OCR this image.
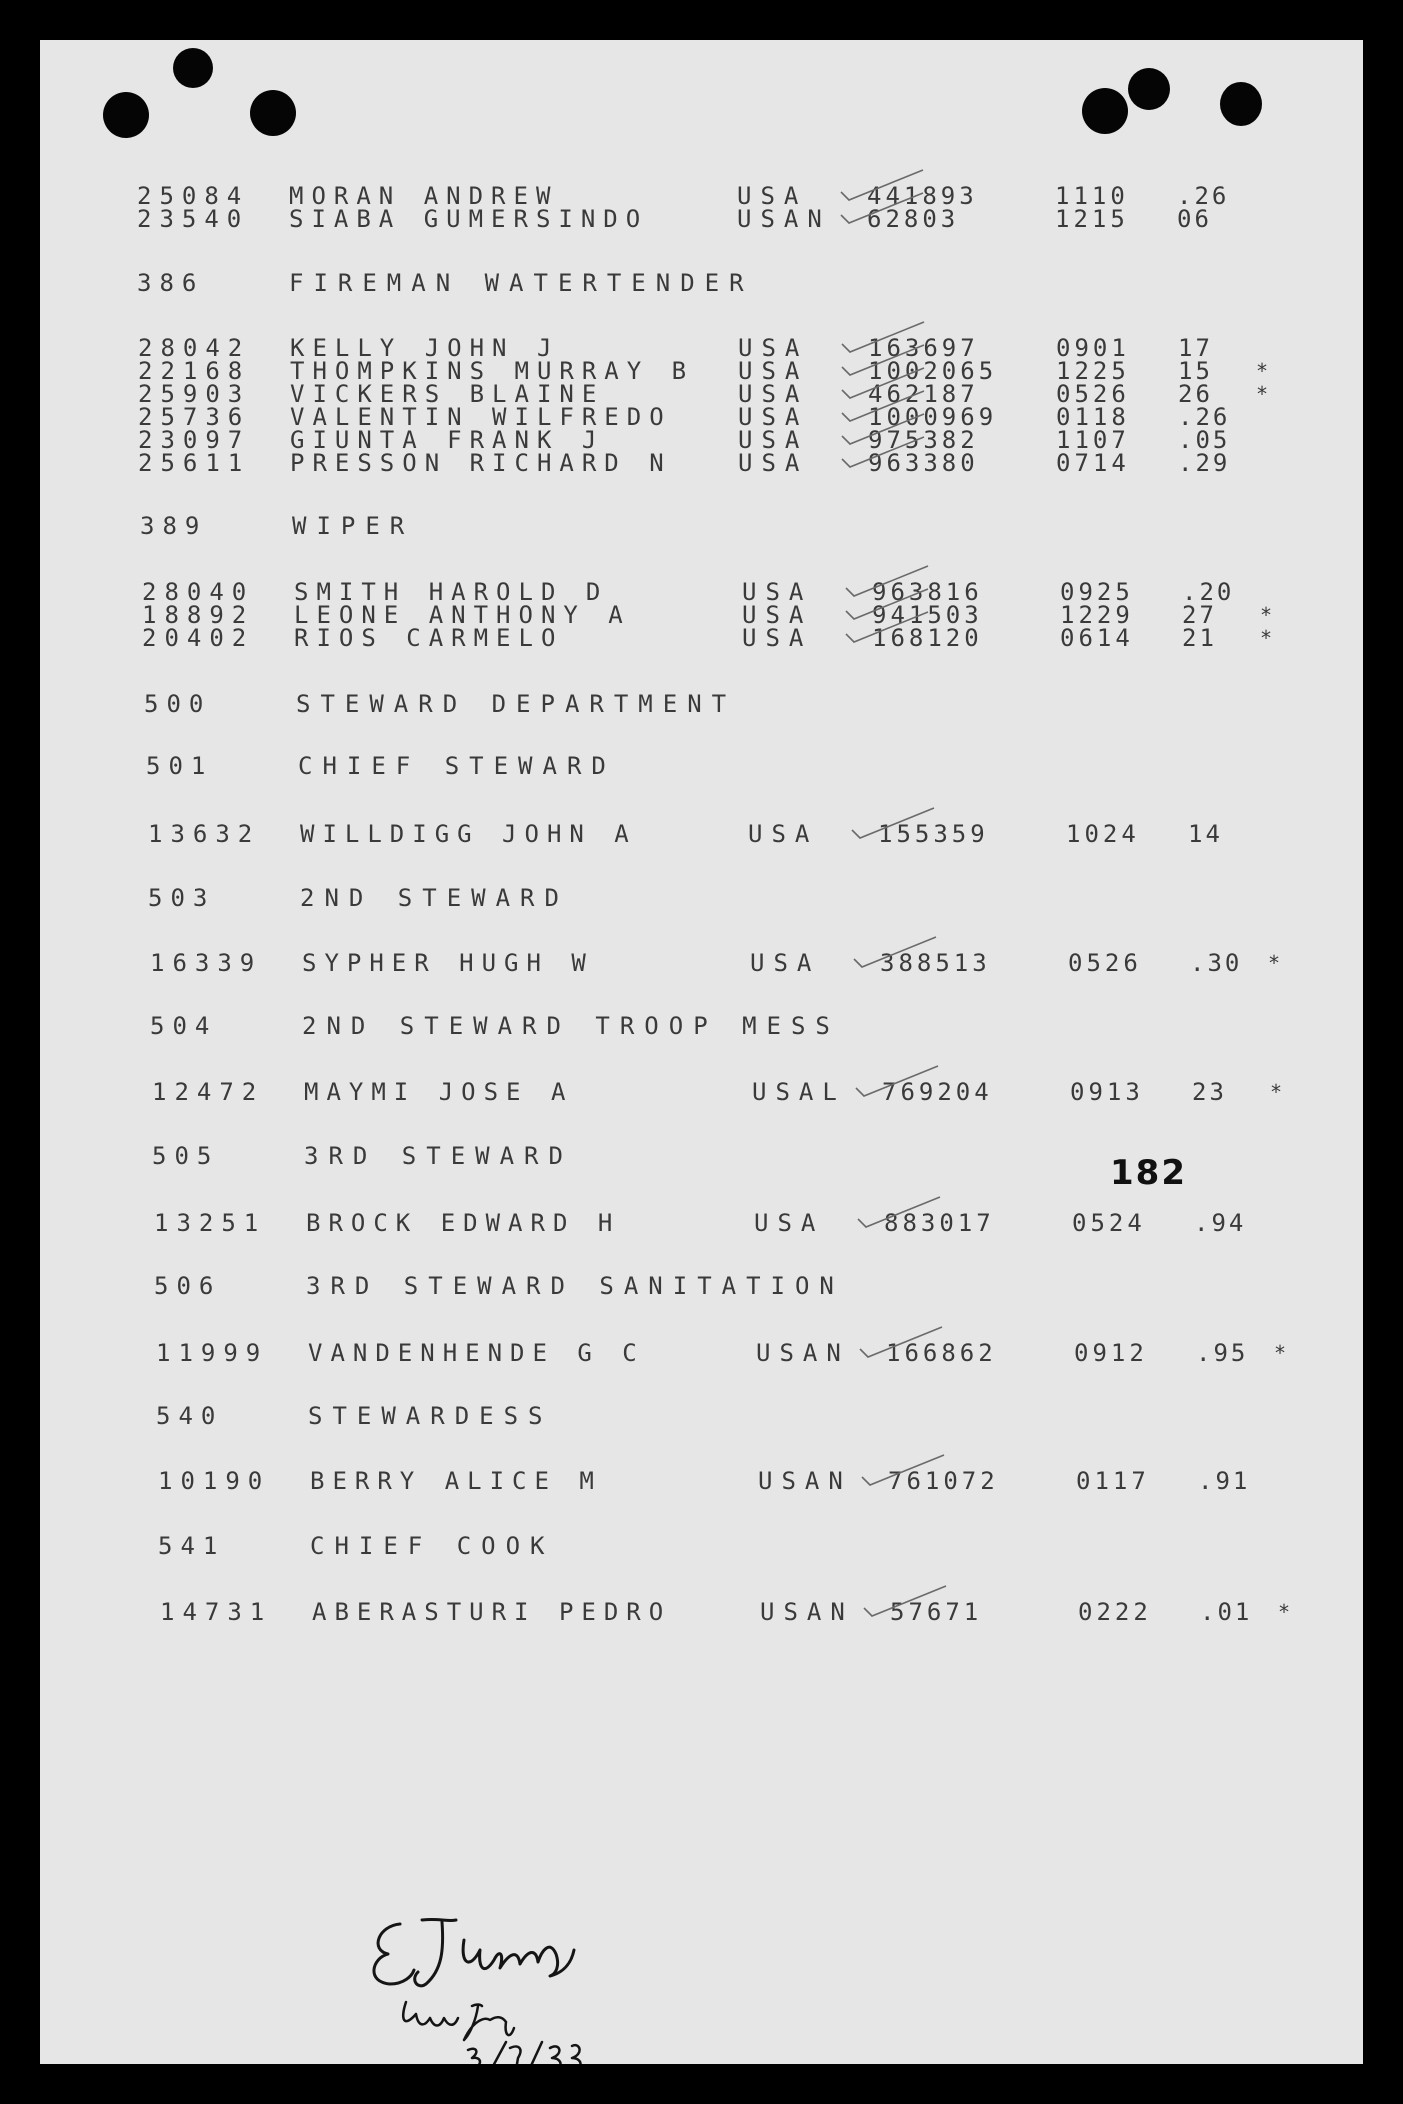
25084 MORAN ANDREW	USA 441893	1110 .26
23540 SIABA GUMERSINDO	USAN 62803	1215 06
386	FIREMAN WATERTENDER
28042 KELLY JOHN J	USA 163697	0901 17
22168 THOMPKINS MURRAY B USA 1002065 1225 15 *
25903 VICKERS BLAINE	USA 462187	0526 26 *
25736 VALENTIN WILFREDO	USA 1000969 0118 .26
23097 GIUNTA FRANK J	USA 975382	1107 .05
25611 PRESSON RICHARD N	USA 963380	0714 .29
389	WIPER
28040 SMITH HAROLD D	USA 963816	0925 .20
18892 LEONE ANTHONY A	USA 941503	1229 27 *
20402 RIOS CARMELO	USA 168120	0614 21 *
500	STEWARD DEPARTMENT
501	CHIEF STEWARD
13632 WILLDIGG JOHN A	USA 155359	1024 14
503	2ND STEWARD
16339 SYPHER HUGH W	USA 388513	0526 .30 *
504	2ND STEWARD TROOP MESS
12472 MAYMI JOSE A	USAL 769204	0913 23 *
505	3RD STEWARD
13251 BROCK EDWARD H	USA 883017	0524 .94
506	3RD STEWARD SANITATION
11999 VANDENHENDE G C	USAN 166862	0912 .95 *
540	STEWARDESS
10190 BERRY ALICE M	USAN 761072	0117 .91
541	CHIEF COOK
14731 ABERASTURI PEDRO	USAN 57671	0222 .01 *
182
